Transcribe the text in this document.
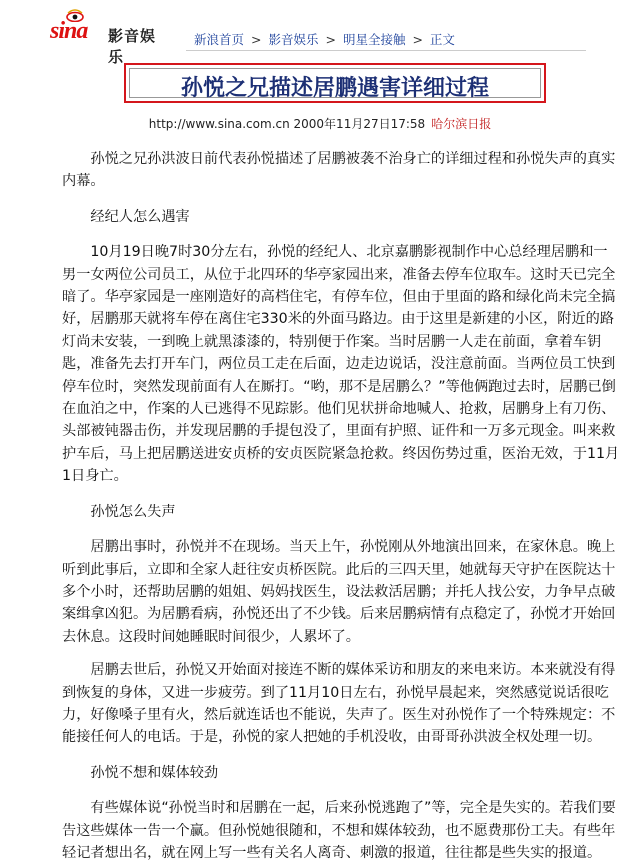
sina 影音娱乐
新浪首页 > 影音娱乐 > 明星全接触 > 正文
孙悦之兄描述居鹏遇害详细过程
http://www.sina.com.cn 2000年11月27日17:58 哈尔滨日报

孙悦之兄孙洪波日前代表孙悦描述了居鹏被袭不治身亡的详细过程和孙悦失声的真实内幕。

经纪人怎么遇害

10月19日晚7时30分左右，孙悦的经纪人、北京嘉鹏影视制作中心总经理居鹏和一男一女两位公司员工，从位于北四环的华亭家园出来，准备去停车位取车。这时天已完全暗了。华亭家园是一座刚造好的高档住宅，有停车位，但由于里面的路和绿化尚未完全搞好，居鹏那天就将车停在离住宅330米的外面马路边。由于这里是新建的小区，附近的路灯尚未安装，一到晚上就黑漆漆的，特别便于作案。当时居鹏一人走在前面，拿着车钥匙，准备先去打开车门，两位员工走在后面，边走边说话，没注意前面。当两位员工快到停车位时，突然发现前面有人在厮打。“哟，那不是居鹏么？”等他俩跑过去时，居鹏已倒在血泊之中，作案的人已逃得不见踪影。他们见状拼命地喊人、抢救，居鹏身上有刀伤、头部被钝器击伤，并发现居鹏的手提包没了，里面有护照、证件和一万多元现金。叫来救护车后，马上把居鹏送进安贞桥的安贞医院紧急抢救。终因伤势过重，医治无效，于11月1日身亡。

孙悦怎么失声

居鹏出事时，孙悦并不在现场。当天上午，孙悦刚从外地演出回来，在家休息。晚上听到此事后，立即和全家人赶往安贞桥医院。此后的三四天里，她就每天守护在医院达十多个小时，还帮助居鹏的姐姐、妈妈找医生，设法救活居鹏；并托人找公安，力争早点破案缉拿凶犯。为居鹏看病，孙悦还出了不少钱。后来居鹏病情有点稳定了，孙悦才开始回去休息。这段时间她睡眠时间很少，人累坏了。

居鹏去世后，孙悦又开始面对接连不断的媒体采访和朋友的来电来访。本来就没有得到恢复的身体，又进一步疲劳。到了11月10日左右，孙悦早晨起来，突然感觉说话很吃力，好像嗓子里有火，然后就连话也不能说，失声了。医生对孙悦作了一个特殊规定：不能接任何人的电话。于是，孙悦的家人把她的手机没收，由哥哥孙洪波全权处理一切。

孙悦不想和媒体较劲

有些媒体说“孙悦当时和居鹏在一起，后来孙悦逃跑了”等，完全是失实的。若我们要告这些媒体一告一个赢。但孙悦她很随和，不想和媒体较劲，也不愿费那份工夫。有些年轻记者想出名，就在网上写一些有关名人离奇、刺激的报道，往往都是些失实的报道。
